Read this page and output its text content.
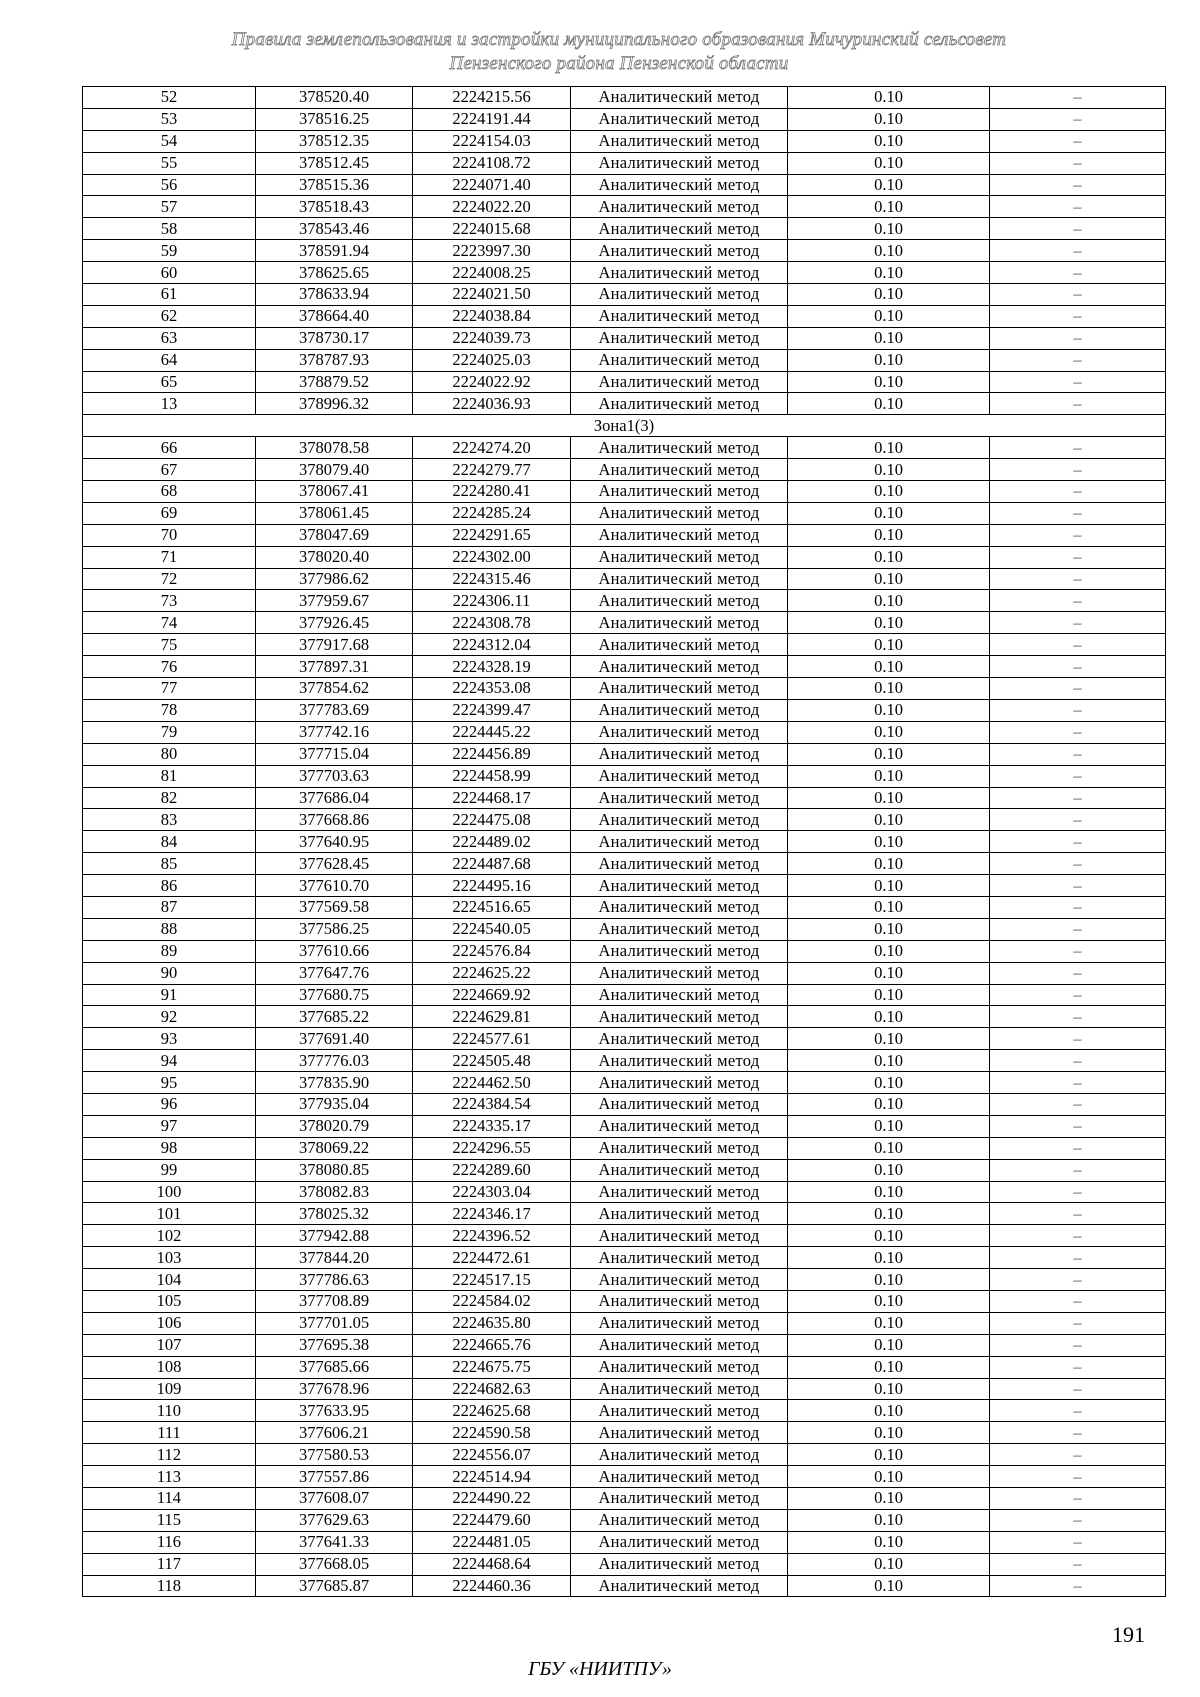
Правила землепользования и застройки муниципального образования Мичуринский сельсовет
Пензенского района Пензенской области
52	378520.40	2224215.56	Аналитический метод	0.10	–
53	378516.25	2224191.44	Аналитический метод	0.10	–
54	378512.35	2224154.03	Аналитический метод	0.10	–
55	378512.45	2224108.72	Аналитический метод	0.10	–
56	378515.36	2224071.40	Аналитический метод	0.10	–
57	378518.43	2224022.20	Аналитический метод	0.10	–
58	378543.46	2224015.68	Аналитический метод	0.10	–
59	378591.94	2223997.30	Аналитический метод	0.10	–
60	378625.65	2224008.25	Аналитический метод	0.10	–
61	378633.94	2224021.50	Аналитический метод	0.10	–
62	378664.40	2224038.84	Аналитический метод	0.10	–
63	378730.17	2224039.73	Аналитический метод	0.10	–
64	378787.93	2224025.03	Аналитический метод	0.10	–
65	378879.52	2224022.92	Аналитический метод	0.10	–
13	378996.32	2224036.93	Аналитический метод	0.10	–
Зона1(3)					
66	378078.58	2224274.20	Аналитический метод	0.10	–
67	378079.40	2224279.77	Аналитический метод	0.10	–
68	378067.41	2224280.41	Аналитический метод	0.10	–
69	378061.45	2224285.24	Аналитический метод	0.10	–
70	378047.69	2224291.65	Аналитический метод	0.10	–
71	378020.40	2224302.00	Аналитический метод	0.10	–
72	377986.62	2224315.46	Аналитический метод	0.10	–
73	377959.67	2224306.11	Аналитический метод	0.10	–
74	377926.45	2224308.78	Аналитический метод	0.10	–
75	377917.68	2224312.04	Аналитический метод	0.10	–
76	377897.31	2224328.19	Аналитический метод	0.10	–
77	377854.62	2224353.08	Аналитический метод	0.10	–
78	377783.69	2224399.47	Аналитический метод	0.10	–
79	377742.16	2224445.22	Аналитический метод	0.10	–
80	377715.04	2224456.89	Аналитический метод	0.10	–
81	377703.63	2224458.99	Аналитический метод	0.10	–
82	377686.04	2224468.17	Аналитический метод	0.10	–
83	377668.86	2224475.08	Аналитический метод	0.10	–
84	377640.95	2224489.02	Аналитический метод	0.10	–
85	377628.45	2224487.68	Аналитический метод	0.10	–
86	377610.70	2224495.16	Аналитический метод	0.10	–
87	377569.58	2224516.65	Аналитический метод	0.10	–
88	377586.25	2224540.05	Аналитический метод	0.10	–
89	377610.66	2224576.84	Аналитический метод	0.10	–
90	377647.76	2224625.22	Аналитический метод	0.10	–
91	377680.75	2224669.92	Аналитический метод	0.10	–
92	377685.22	2224629.81	Аналитический метод	0.10	–
93	377691.40	2224577.61	Аналитический метод	0.10	–
94	377776.03	2224505.48	Аналитический метод	0.10	–
95	377835.90	2224462.50	Аналитический метод	0.10	–
96	377935.04	2224384.54	Аналитический метод	0.10	–
97	378020.79	2224335.17	Аналитический метод	0.10	–
98	378069.22	2224296.55	Аналитический метод	0.10	–
99	378080.85	2224289.60	Аналитический метод	0.10	–
100	378082.83	2224303.04	Аналитический метод	0.10	–
101	378025.32	2224346.17	Аналитический метод	0.10	–
102	377942.88	2224396.52	Аналитический метод	0.10	–
103	377844.20	2224472.61	Аналитический метод	0.10	–
104	377786.63	2224517.15	Аналитический метод	0.10	–
105	377708.89	2224584.02	Аналитический метод	0.10	–
106	377701.05	2224635.80	Аналитический метод	0.10	–
107	377695.38	2224665.76	Аналитический метод	0.10	–
108	377685.66	2224675.75	Аналитический метод	0.10	–
109	377678.96	2224682.63	Аналитический метод	0.10	–
110	377633.95	2224625.68	Аналитический метод	0.10	–
111	377606.21	2224590.58	Аналитический метод	0.10	–
112	377580.53	2224556.07	Аналитический метод	0.10	–
113	377557.86	2224514.94	Аналитический метод	0.10	–
114	377608.07	2224490.22	Аналитический метод	0.10	–
115	377629.63	2224479.60	Аналитический метод	0.10	–
116	377641.33	2224481.05	Аналитический метод	0.10	–
117	377668.05	2224468.64	Аналитический метод	0.10	–
118	377685.87	2224460.36	Аналитический метод	0.10	–
191
ГБУ «НИИТПУ»
